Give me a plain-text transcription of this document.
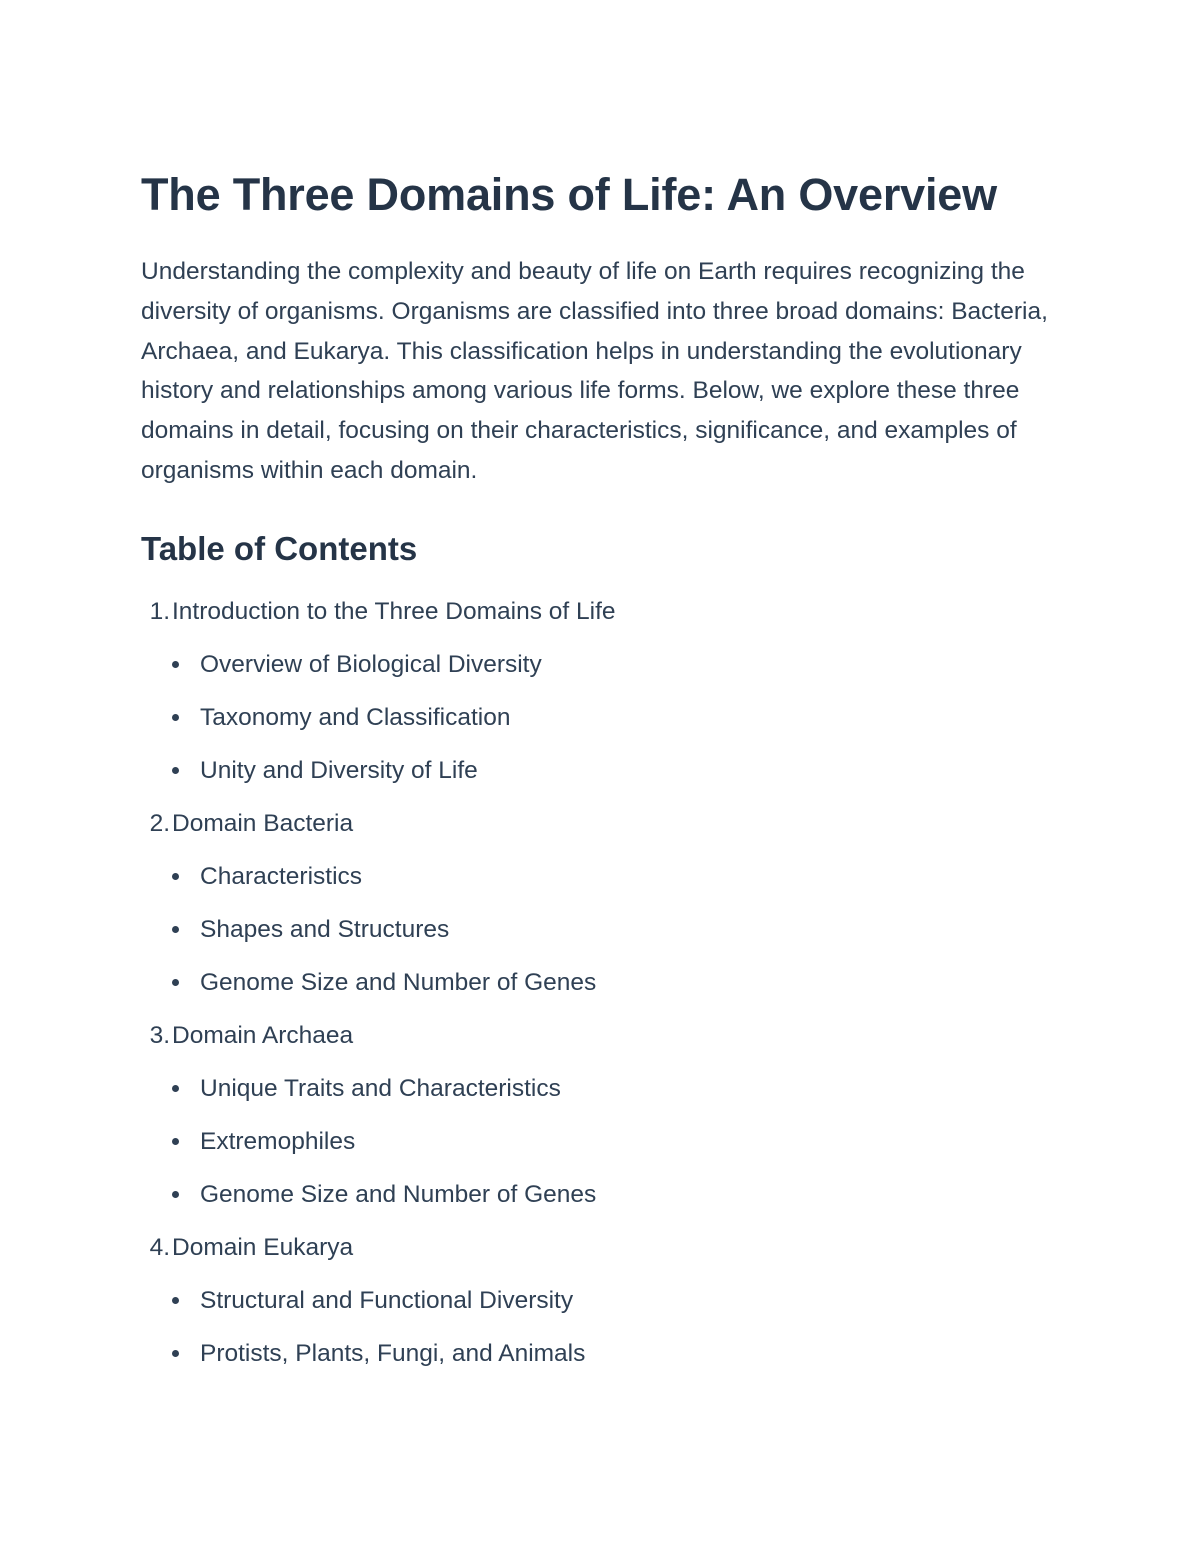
The Three Domains of Life: An Overview

Understanding the complexity and beauty of life on Earth requires recognizing the diversity of organisms. Organisms are classified into three broad domains: Bacteria, Archaea, and Eukarya. This classification helps in understanding the evolutionary history and relationships among various life forms. Below, we explore these three domains in detail, focusing on their characteristics, significance, and examples of organisms within each domain.

Table of Contents
1.Introduction to the Three Domains of Life
Overview of Biological Diversity
Taxonomy and Classification
Unity and Diversity of Life
2.Domain Bacteria
Characteristics
Shapes and Structures
Genome Size and Number of Genes
3.Domain Archaea
Unique Traits and Characteristics
Extremophiles
Genome Size and Number of Genes
4.Domain Eukarya
Structural and Functional Diversity
Protists, Plants, Fungi, and Animals
